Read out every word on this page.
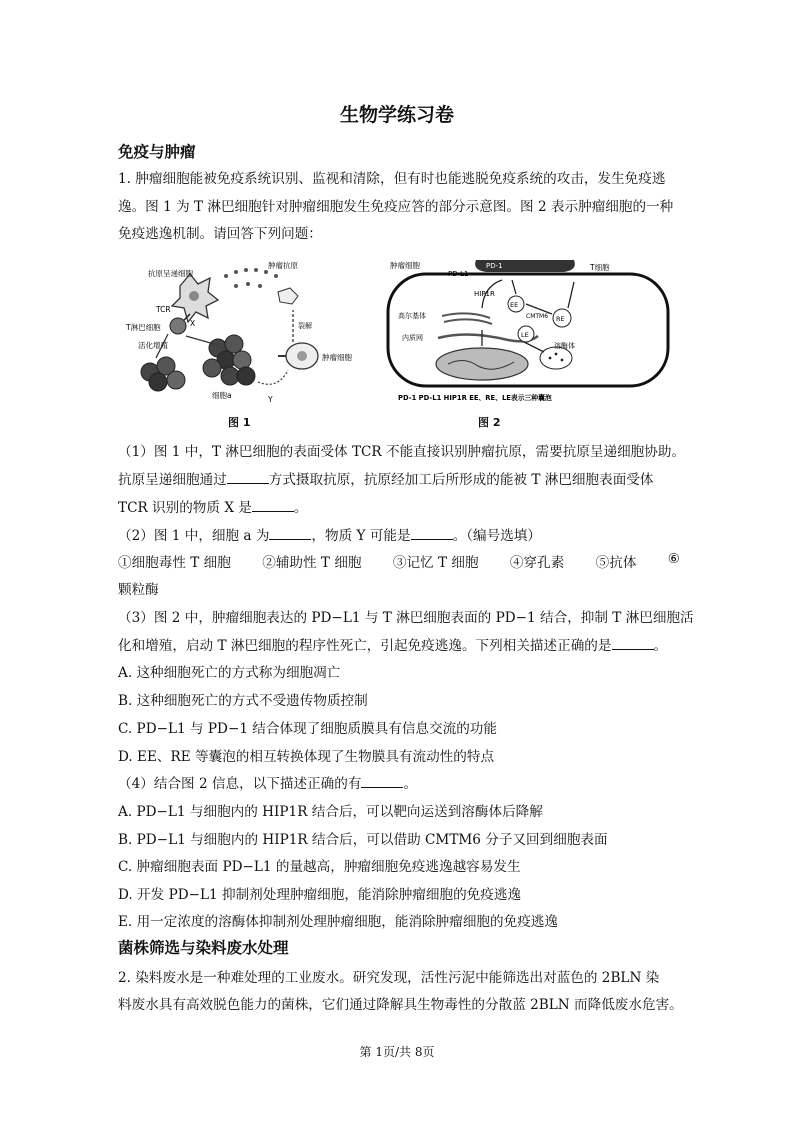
生物学练习卷
免疫与肿瘤
1. 肿瘤细胞能被免疫系统识别、监视和清除，但有时也能逃脱免疫系统的攻击，发生免疫逃逸。图 1 为 T 淋巴细胞针对肿瘤细胞发生免疫应答的部分示意图。图 2 表示肿瘤细胞的一种免疫逃逸机制。请回答下列问题：
抗原呈递细胞
肿瘤抗原
TCR
X
T淋巴细胞
活化增殖
细胞a	Y
肿瘤细胞
裂解
图 1
肿瘤细胞
PD-L1
PD-1	T细胞
HIP1R
EE
CMTM6 RE
LE
高尔基体
内质网
溶酶体
PD-1 PD-L1 HIP1R EE、RE、LE表示三种囊泡
图 2
（1）图 1 中，T 淋巴细胞的表面受体 TCR 不能直接识别肿瘤抗原，需要抗原呈递细胞协助。
抗原呈递细胞通过	方式摄取抗原，抗原经加工后所形成的能被 T 淋巴细胞表面受体
TCR 识别的物质 X 是	。
（2）图 1 中，细胞 a 为	，物质 Y 可能是	。（编号选填）
①细胞毒性 T 细胞 ②辅助性 T 细胞 ③记忆 T 细胞 ④穿孔素 ⑤抗体 ⑥
颗粒酶
（3）图 2 中，肿瘤细胞表达的 PD−L1 与 T 淋巴细胞表面的 PD−1 结合，抑制 T 淋巴细胞活
化和增殖，启动 T 淋巴细胞的程序性死亡，引起免疫逃逸。下列相关描述正确的是	。
A. 这种细胞死亡的方式称为细胞凋亡
B. 这种细胞死亡的方式不受遗传物质控制
C. PD−L1 与 PD−1 结合体现了细胞质膜具有信息交流的功能
D. EE、RE 等囊泡的相互转换体现了生物膜具有流动性的特点
（4）结合图 2 信息，以下描述正确的有	。
A. PD−L1 与细胞内的 HIP1R 结合后，可以靶向运送到溶酶体后降解
B. PD−L1 与细胞内的 HIP1R 结合后，可以借助 CMTM6 分子又回到细胞表面
C. 肿瘤细胞表面 PD−L1 的量越高，肿瘤细胞免疫逃逸越容易发生
D. 开发 PD−L1 抑制剂处理肿瘤细胞，能消除肿瘤细胞的免疫逃逸
E. 用一定浓度的溶酶体抑制剂处理肿瘤细胞，能消除肿瘤细胞的免疫逃逸
菌株筛选与染料废水处理
2. 染料废水是一种难处理的工业废水。研究发现，活性污泥中能筛选出对蓝色的 2BLN 染
料废水具有高效脱色能力的菌株，它们通过降解具生物毒性的分散蓝 2BLN 而降低废水危害。
第 1页/共 8页
